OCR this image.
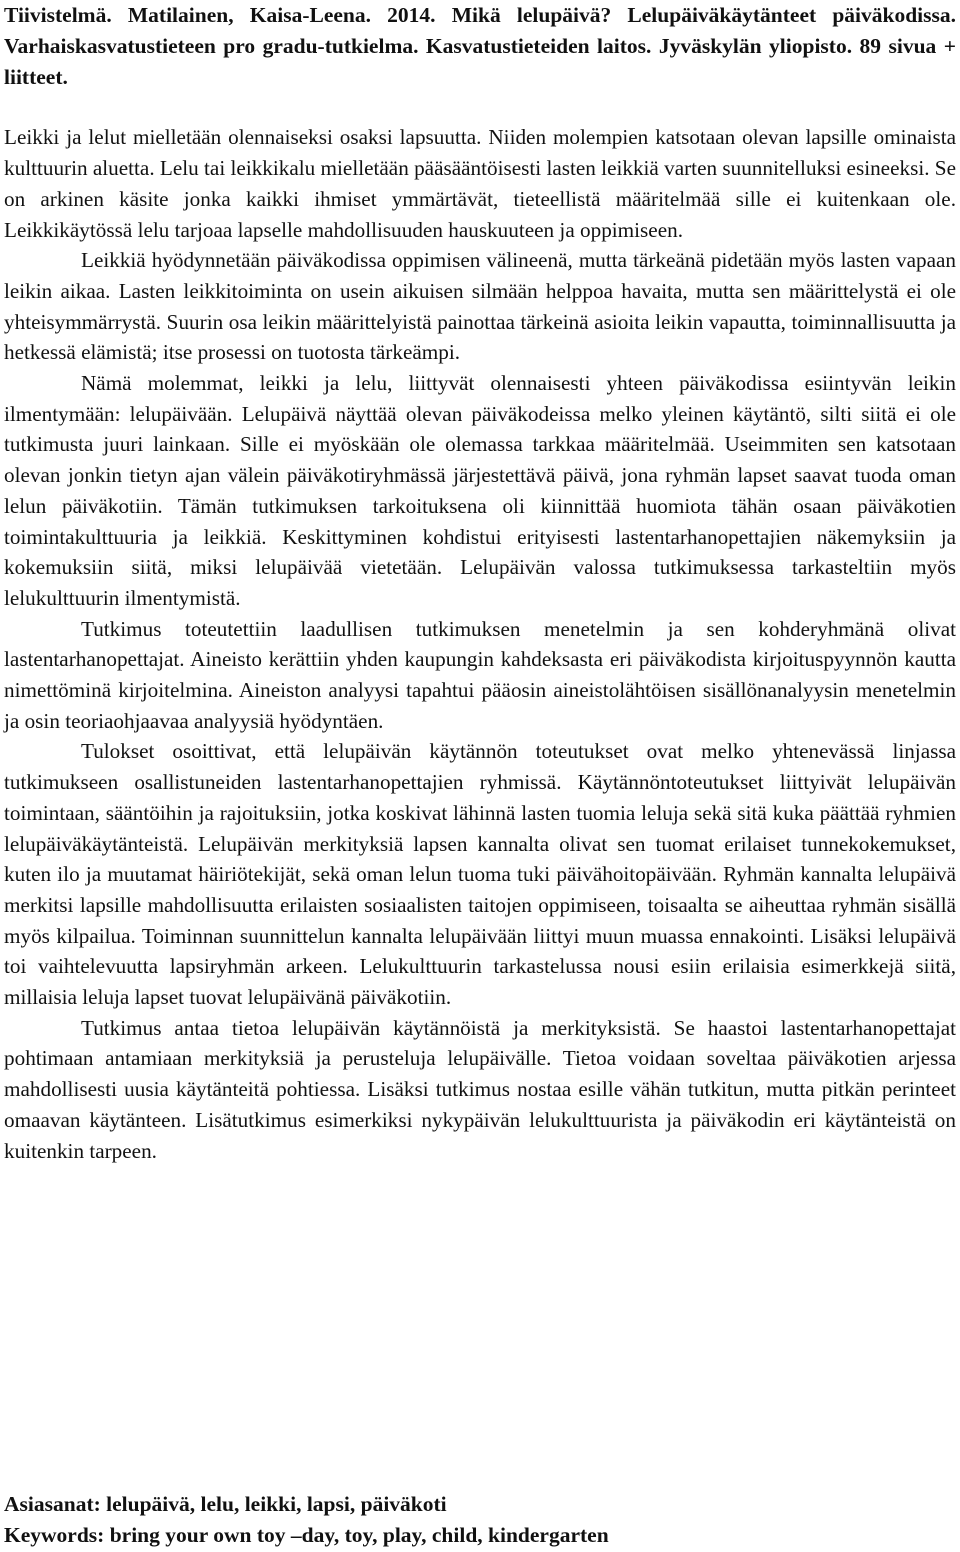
Tiivistelmä. Matilainen, Kaisa-Leena. 2014. Mikä lelupäivä? Lelupäiväkäytänteet päiväkodissa. Varhaiskasvatustieteen pro gradu-tutkielma. Kasvatustieteiden laitos. Jyväskylän yliopisto. 89 sivua + liitteet.

Leikki ja lelut mielletään olennaiseksi osaksi lapsuutta. Niiden molempien katsotaan olevan lapsille ominaista kulttuurin aluetta. Lelu tai leikkikalu mielletään pääsääntöisesti lasten leikkiä varten suunnitelluksi esineeksi. Se on arkinen käsite jonka kaikki ihmiset ymmärtävät, tieteellistä määritelmää sille ei kuitenkaan ole. Leikkikäytössä lelu tarjoaa lapselle mahdollisuuden hauskuuteen ja oppimiseen.

Leikkiä hyödynnetään päiväkodissa oppimisen välineenä, mutta tärkeänä pidetään myös lasten vapaan leikin aikaa. Lasten leikkitoiminta on usein aikuisen silmään helppoa havaita, mutta sen määrittelystä ei ole yhteisymmärrystä. Suurin osa leikin määrittelyistä painottaa tärkeinä asioita leikin vapautta, toiminnallisuutta ja hetkessä elämistä; itse prosessi on tuotosta tärkeämpi.

Nämä molemmat, leikki ja lelu, liittyvät olennaisesti yhteen päiväkodissa esiintyvän leikin ilmentymään: lelupäivään. Lelupäivä näyttää olevan päiväkodeissa melko yleinen käytäntö, silti siitä ei ole tutkimusta juuri lainkaan. Sille ei myöskään ole olemassa tarkkaa määritelmää. Useimmiten sen katsotaan olevan jonkin tietyn ajan välein päiväkotiryhmässä järjestettävä päivä, jona ryhmän lapset saavat tuoda oman lelun päiväkotiin. Tämän tutkimuksen tarkoituksena oli kiinnittää huomiota tähän osaan päiväkotien toimintakulttuuria ja leikkiä. Keskittyminen kohdistui erityisesti lastentarhanopettajien näkemyksiin ja kokemuksiin siitä, miksi lelupäivää vietetään. Lelupäivän valossa tutkimuksessa tarkasteltiin myös lelukulttuurin ilmentymistä.

Tutkimus toteutettiin laadullisen tutkimuksen menetelmin ja sen kohderyhmänä olivat lastentarhanopettajat. Aineisto kerättiin yhden kaupungin kahdeksasta eri päiväkodista kirjoituspyynnön kautta nimettöminä kirjoitelmina. Aineiston analyysi tapahtui pääosin aineistolähtöisen sisällönanalyysin menetelmin ja osin teoriaohjaavaa analyysiä hyödyntäen.

Tulokset osoittivat, että lelupäivän käytännön toteutukset ovat melko yhtenevässä linjassa tutkimukseen osallistuneiden lastentarhanopettajien ryhmissä. Käytännöntoteutukset liittyivät lelupäivän toimintaan, sääntöihin ja rajoituksiin, jotka koskivat lähinnä lasten tuomia leluja sekä sitä kuka päättää ryhmien lelupäiväkäytänteistä. Lelupäivän merkityksiä lapsen kannalta olivat sen tuomat erilaiset tunnekokemukset, kuten ilo ja muutamat häiriötekijät, sekä oman lelun tuoma tuki päivähoitopäivään. Ryhmän kannalta lelupäivä merkitsi lapsille mahdollisuutta erilaisten sosiaalisten taitojen oppimiseen, toisaalta se aiheuttaa ryhmän sisällä myös kilpailua. Toiminnan suunnittelun kannalta lelupäivään liittyi muun muassa ennakointi. Lisäksi lelupäivä toi vaihtelevuutta lapsiryhmän arkeen. Lelukulttuurin tarkastelussa nousi esiin erilaisia esimerkkejä siitä, millaisia leluja lapset tuovat lelupäivänä päiväkotiin.

Tutkimus antaa tietoa lelupäivän käytännöistä ja merkityksistä. Se haastoi lastentarhanopettajat pohtimaan antamiaan merkityksiä ja perusteluja lelupäivälle. Tietoa voidaan soveltaa päiväkotien arjessa mahdollisesti uusia käytänteitä pohtiessa. Lisäksi tutkimus nostaa esille vähän tutkitun, mutta pitkän perinteet omaavan käytänteen. Lisätutkimus esimerkiksi nykypäivän lelukulttuurista ja päiväkodin eri käytänteistä on kuitenkin tarpeen.

Asiasanat: lelupäivä, lelu, leikki, lapsi, päiväkoti
Keywords: bring your own toy –day, toy, play, child, kindergarten
